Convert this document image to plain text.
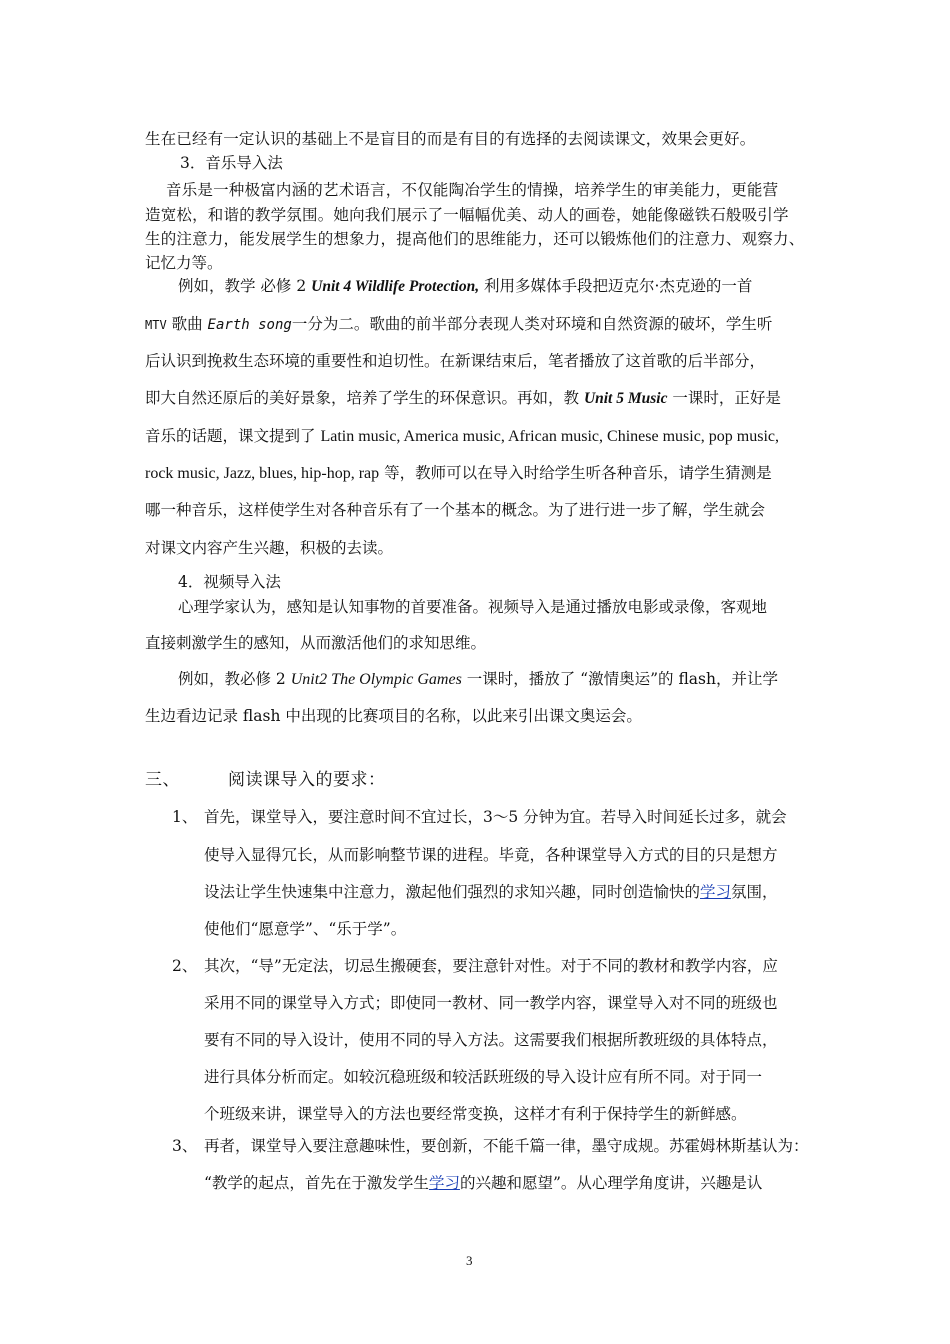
生在已经有一定认识的基础上不是盲目的而是有目的有选择的去阅读课文，效果会更好。
3．音乐导入法
音乐是一种极富内涵的艺术语言，不仅能陶冶学生的情操，培养学生的审美能力，更能营
造宽松，和谐的教学氛围。她向我们展示了一幅幅优美、动人的画卷，她能像磁铁石般吸引学
生的注意力，能发展学生的想象力，提高他们的思维能力，还可以锻炼他们的注意力、观察力、
记忆力等。
例如，教学 必修 2 Unit 4 Wildlife Protection, 利用多媒体手段把迈克尔·杰克逊的一首
MTV 歌曲 Earth song一分为二。歌曲的前半部分表现人类对环境和自然资源的破坏，学生听
后认识到挽救生态环境的重要性和迫切性。在新课结束后，笔者播放了这首歌的后半部分，
即大自然还原后的美好景象，培养了学生的环保意识。再如，教 Unit 5 Music 一课时，正好是
音乐的话题，课文提到了 Latin music, America music, African music, Chinese music, pop music,
rock music, Jazz, blues, hip-hop, rap 等，教师可以在导入时给学生听各种音乐，请学生猜测是
哪一种音乐，这样使学生对各种音乐有了一个基本的概念。为了进行进一步了解，学生就会
对课文内容产生兴趣，积极的去读。
4．视频导入法
心理学家认为，感知是认知事物的首要准备。视频导入是通过播放电影或录像，客观地
直接刺激学生的感知，从而激活他们的求知思维。
例如，教必修 2 Unit2 The Olympic Games 一课时，播放了 “激情奥运”的 flash，并让学
生边看边记录 flash 中出现的比赛项目的名称，以此来引出课文奥运会。
三、	阅读课导入的要求：
1、 首先，课堂导入，要注意时间不宜过长，3～5 分钟为宜。若导入时间延长过多，就会
使导入显得冗长，从而影响整节课的进程。毕竟，各种课堂导入方式的目的只是想方
设法让学生快速集中注意力，激起他们强烈的求知兴趣，同时创造愉快的学习氛围，
使他们“愿意学”、“乐于学”。
2、 其次，“导”无定法，切忌生搬硬套，要注意针对性。对于不同的教材和教学内容，应
采用不同的课堂导入方式；即使同一教材、同一教学内容，课堂导入对不同的班级也
要有不同的导入设计，使用不同的导入方法。这需要我们根据所教班级的具体特点，
进行具体分析而定。如较沉稳班级和较活跃班级的导入设计应有所不同。对于同一
个班级来讲，课堂导入的方法也要经常变换，这样才有利于保持学生的新鲜感。
3、 再者，课堂导入要注意趣味性，要创新，不能千篇一律，墨守成规。苏霍姆林斯基认为：
“教学的起点，首先在于激发学生学习的兴趣和愿望”。从心理学角度讲，兴趣是认
3
